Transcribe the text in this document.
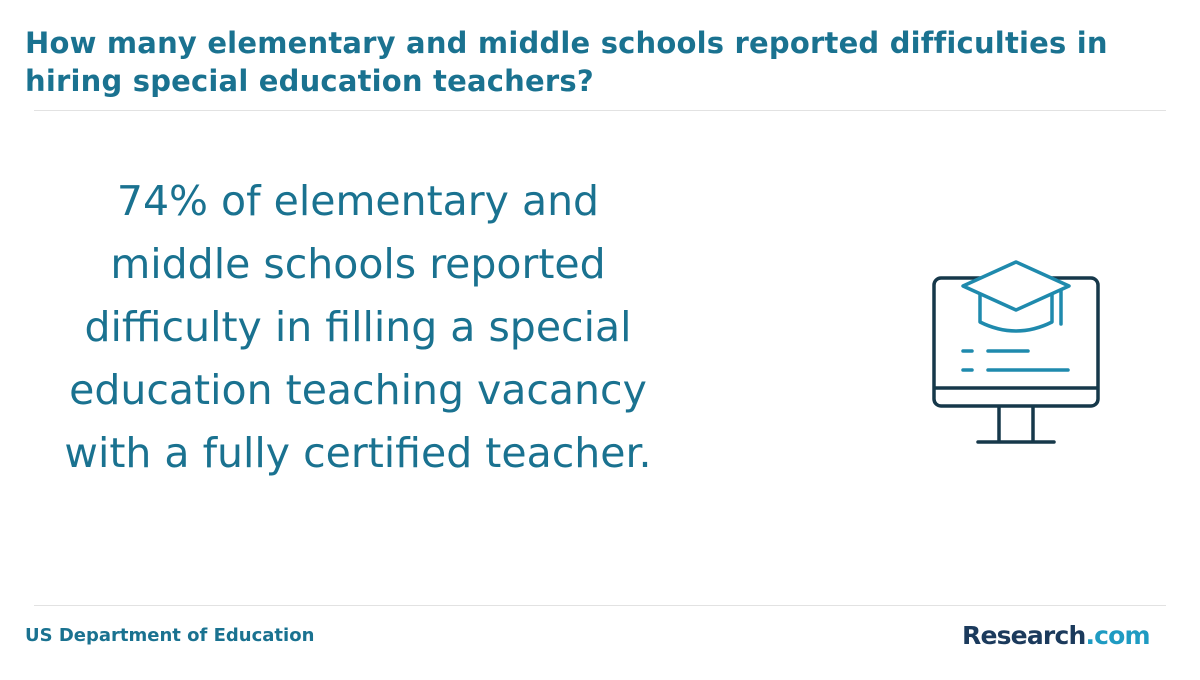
How many elementary and middle schools reported difficulties in hiring special education teachers?

74% of elementary and middle schools reported difficulty in filling a special education teaching vacancy with a fully certified teacher.

US Department of Education	Research.com
